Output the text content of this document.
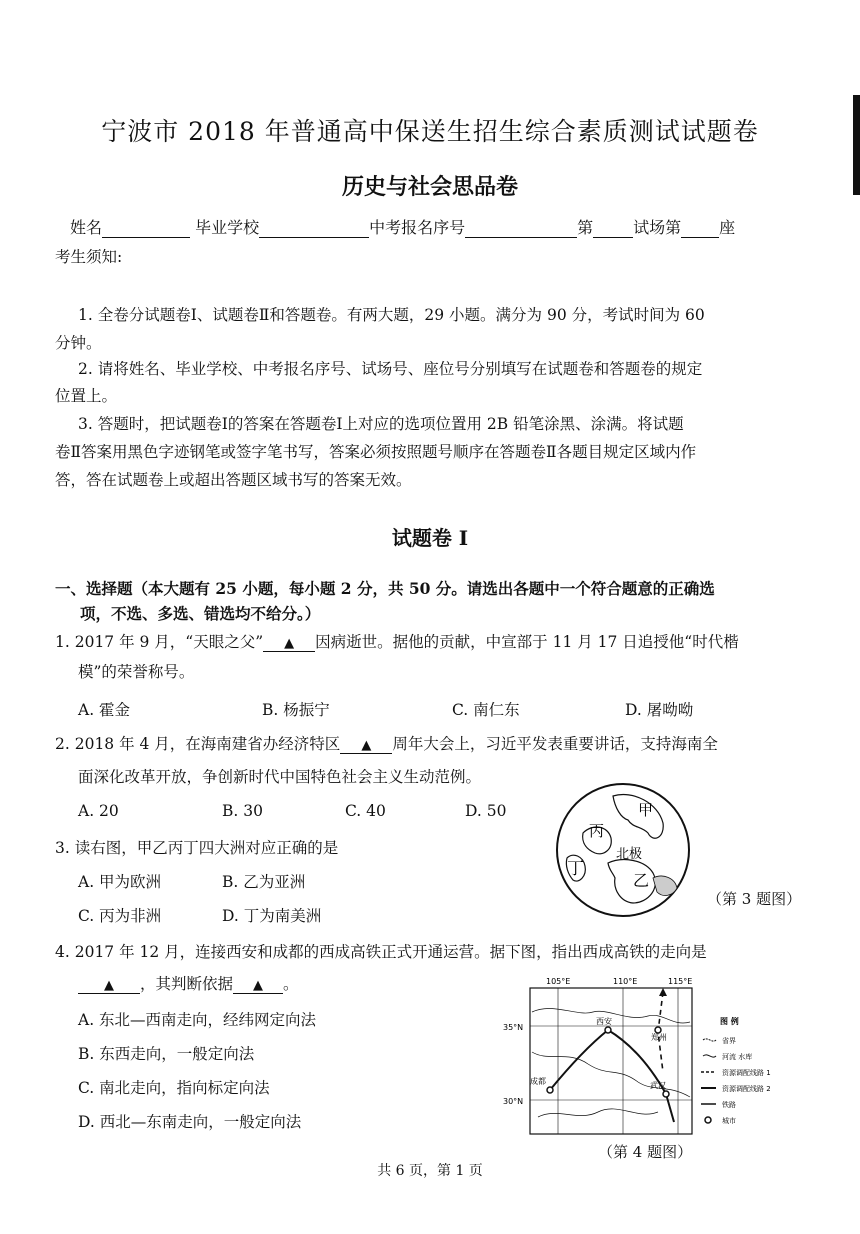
宁波市 2018 年普通高中保送生招生综合素质测试试题卷
历史与社会思品卷
姓名	毕业学校	中考报名序号	第	试场第 座
考生须知:
1. 全卷分试题卷Ⅰ、试题卷Ⅱ和答题卷。有两大题，29 小题。满分为 90 分，考试时间为 60
分钟。
2. 请将姓名、毕业学校、中考报名序号、试场号、座位号分别填写在试题卷和答题卷的规定
位置上。
3. 答题时，把试题卷Ⅰ的答案在答题卷Ⅰ上对应的选项位置用 2B 铅笔涂黑、涂满。将试题
卷Ⅱ答案用黑色字迹钢笔或签字笔书写，答案必须按照题号顺序在答题卷Ⅱ各题目规定区域内作
答，答在试题卷上或超出答题区域书写的答案无效。
试题卷 I
一、选择题（本大题有 25 小题，每小题 2 分，共 50 分。请选出各题中一个符合题意的正确选
项，不选、多选、错选均不给分。）
1. 2017 年 9 月，“天眼之父” ▲ 因病逝世。据他的贡献，中宣部于 11 月 17 日追授他“时代楷
模”的荣誉称号。
A. 霍金	B. 杨振宁	C. 南仁东	D. 屠呦呦
2. 2018 年 4 月，在海南建省办经济特区 ▲ 周年大会上，习近平发表重要讲话，支持海南全
面深化改革开放，争创新时代中国特色社会主义生动范例。
A. 20	B. 30	C. 40	D. 50
3. 读右图，甲乙丙丁四大洲对应正确的是
A. 甲为欧洲	B. 乙为亚洲
C. 丙为非洲	D. 丁为南美洲
甲
乙
丙
丁
北极
（第 3 题图）
4. 2017 年 12 月，连接西安和成都的西成高铁正式开通运营。据下图，指出西成高铁的走向是
▲ ，其判断依据 ▲ 。
A. 东北—西南走向，经纬网定向法
B. 东西走向，一般定向法
C. 南北走向，指向标定向法
D. 西北—东南走向，一般定向法
105°E	110°E	115°E
35°N
30°N
西安
郑州
成都	武汉
图 例
省界
河流 水库
资源调配线路 1
资源调配线路 2
铁路
城市
（第 4 题图）
共 6 页，第 1 页
